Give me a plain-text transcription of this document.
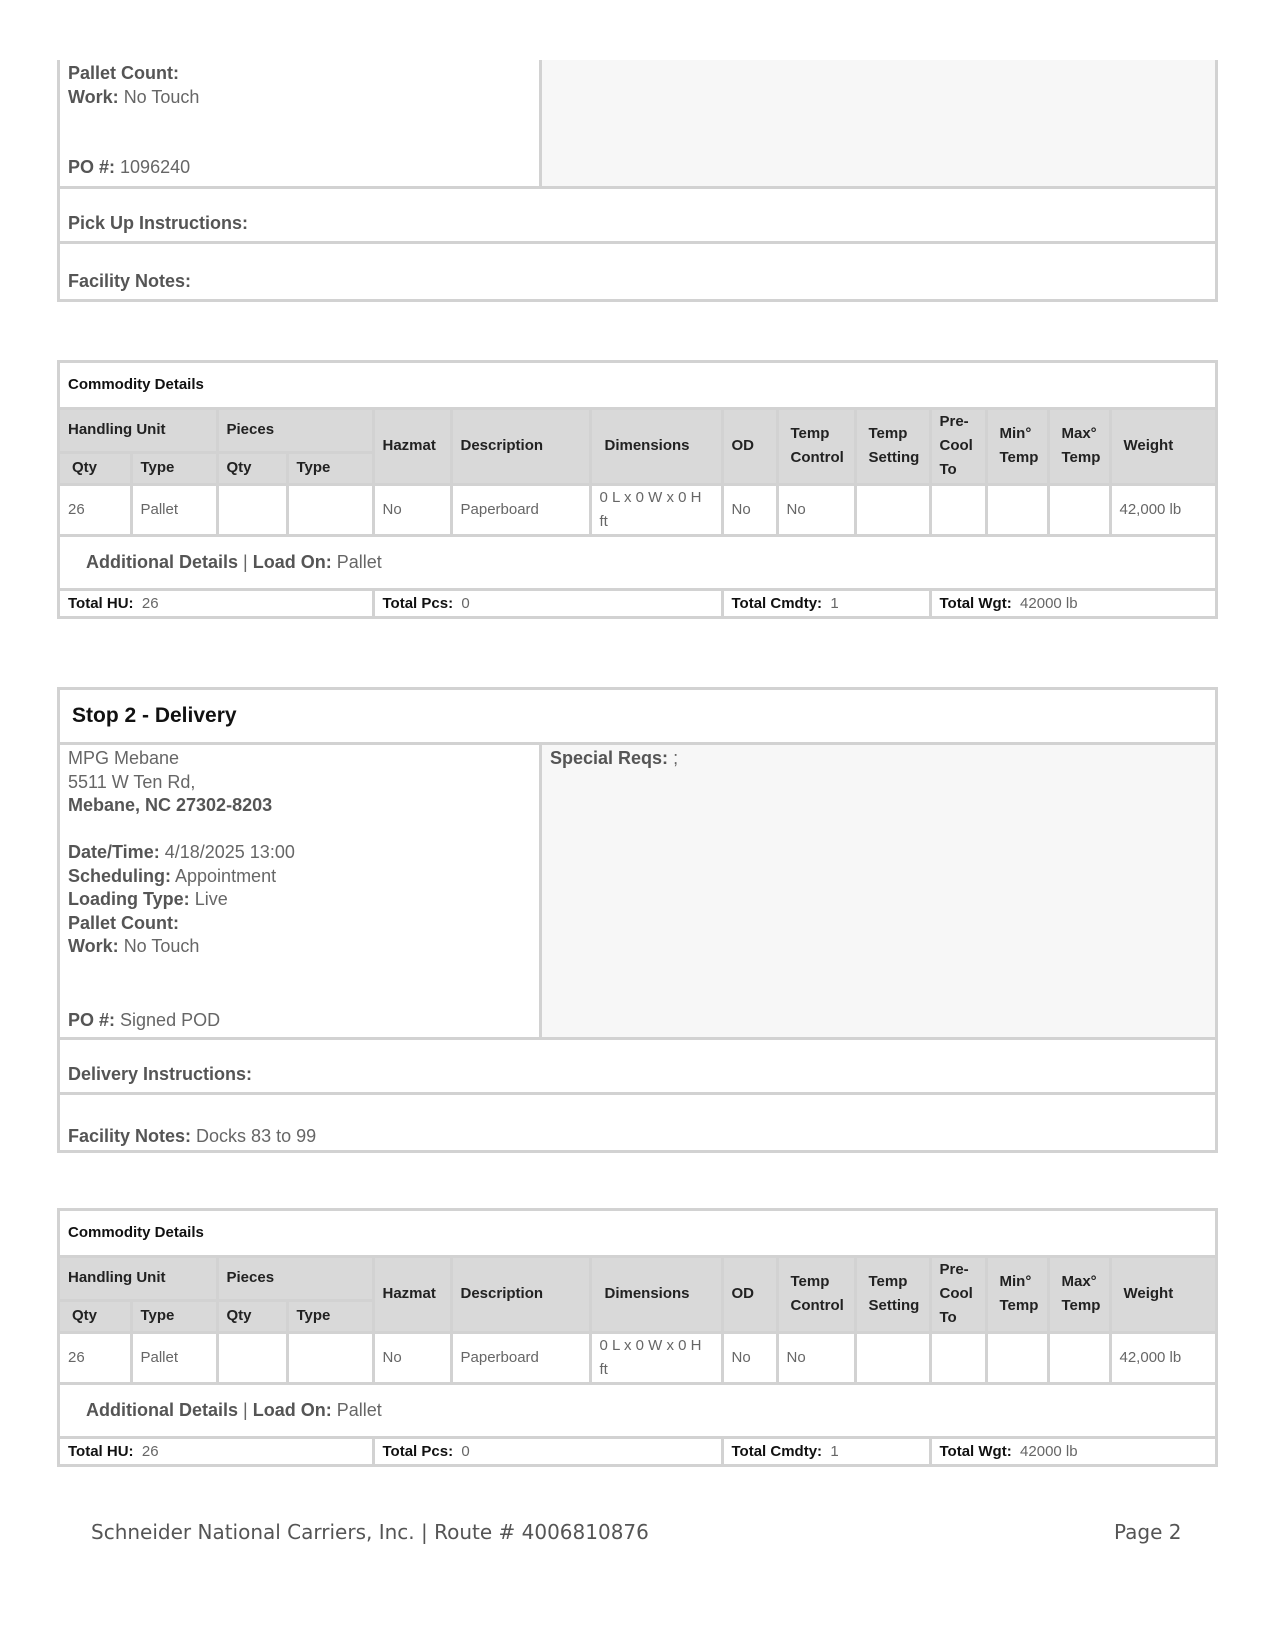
Pallet Count:
Work: No Touch
PO #: 1096240
Pick Up Instructions:

Facility Notes:

Commodity Details													
Handling Unit		Pieces		Hazmat	Description	Dimensions	OD	Temp Control	Temp Setting	Pre-Cool To	Min° Temp	Max° Temp	Weight
Qty	Type	Qty	Type										
26	Pallet			No	Paperboard	0 L x 0 W x 0 H ft	No	No					42,000 lb
Additional Details | Load On: Pallet													
Total HU: 26				Total Pcs: 0			Total Cmdty: 1			Total Wgt: 42000 lb			
Stop 2 - Delivery
MPG Mebane
5511 W Ten Rd,
Mebane, NC 27302-8203
Date/Time: 4/18/2025 13:00
Scheduling: Appointment
Loading Type: Live
Pallet Count:
Work: No Touch
PO #: Signed POD
Special Reqs: ;
Delivery Instructions:

Facility Notes:
Docks 83 to 99
Commodity Details													
Handling Unit		Pieces		Hazmat	Description	Dimensions	OD	Temp Control	Temp Setting	Pre-Cool To	Min° Temp	Max° Temp	Weight
Qty	Type	Qty	Type										
26	Pallet			No	Paperboard	0 L x 0 W x 0 H ft	No	No					42,000 lb
Additional Details | Load On: Pallet													
Total HU: 26				Total Pcs: 0			Total Cmdty: 1			Total Wgt: 42000 lb			
Schneider National Carriers, Inc. | Route # 4006810876	Page 2
